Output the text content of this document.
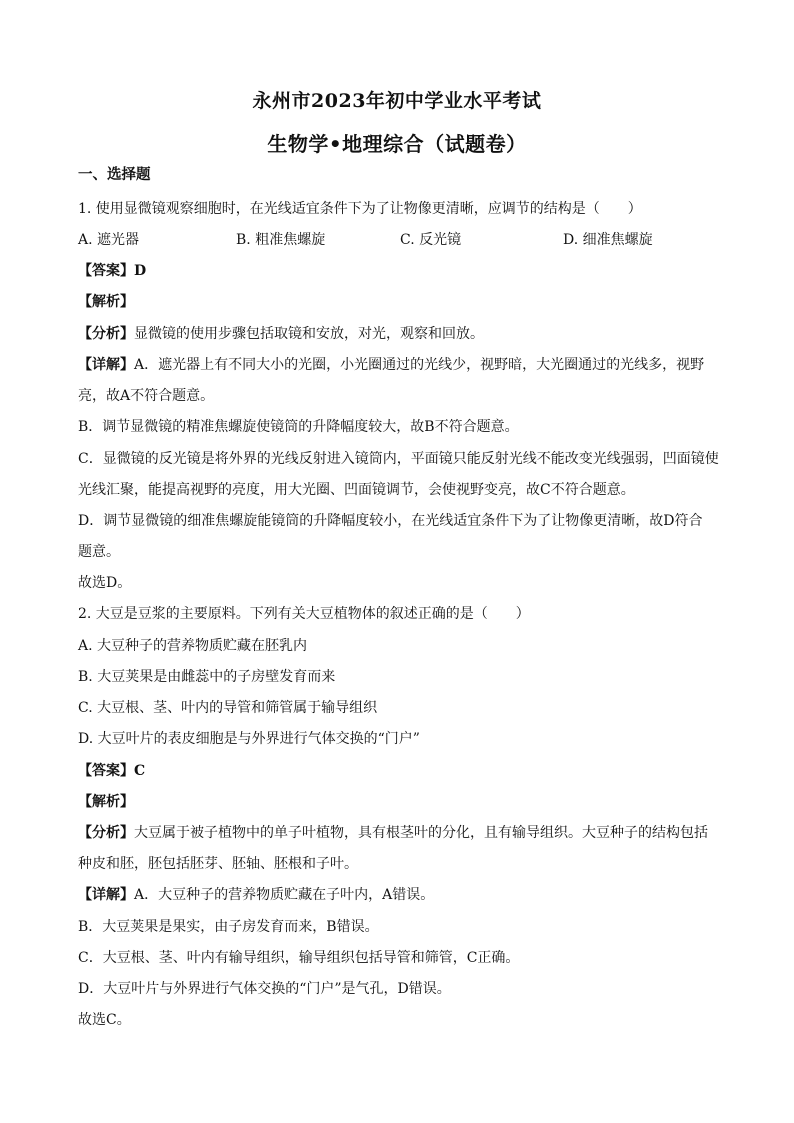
永州市2023年初中学业水平考试
生物学•地理综合（试题卷）
一、选择题
1. 使用显微镜观察细胞时，在光线适宜条件下为了让物像更清晰，应调节的结构是（　　）
A. 遮光器	B. 粗准焦螺旋	C. 反光镜	D. 细准焦螺旋
【答案】D
【解析】
【分析】显微镜的使用步骤包括取镜和安放，对光，观察和回放。
【详解】A．遮光器上有不同大小的光圈，小光圈通过的光线少，视野暗，大光圈通过的光线多，视野
亮，故A不符合题意。
B．调节显微镜的精准焦螺旋使镜筒的升降幅度较大，故B不符合题意。
C．显微镜的反光镜是将外界的光线反射进入镜筒内，平面镜只能反射光线不能改变光线强弱，凹面镜使
光线汇聚，能提高视野的亮度，用大光圈、凹面镜调节，会使视野变亮，故C不符合题意。
D．调节显微镜的细准焦螺旋能镜筒的升降幅度较小，在光线适宜条件下为了让物像更清晰，故D符合
题意。
故选D。
2. 大豆是豆浆的主要原料。下列有关大豆植物体的叙述正确的是（　　）
A. 大豆种子的营养物质贮藏在胚乳内
B. 大豆荚果是由雌蕊中的子房壁发育而来
C. 大豆根、茎、叶内的导管和筛管属于输导组织
D. 大豆叶片的表皮细胞是与外界进行气体交换的“门户”
【答案】C
【解析】
【分析】大豆属于被子植物中的单子叶植物，具有根茎叶的分化，且有输导组织。大豆种子的结构包括
种皮和胚，胚包括胚芽、胚轴、胚根和子叶。
【详解】A．大豆种子的营养物质贮藏在子叶内，A错误。
B．大豆荚果是果实，由子房发育而来，B错误。
C．大豆根、茎、叶内有输导组织，输导组织包括导管和筛管，C正确。
D．大豆叶片与外界进行气体交换的“门户”是气孔，D错误。
故选C。
